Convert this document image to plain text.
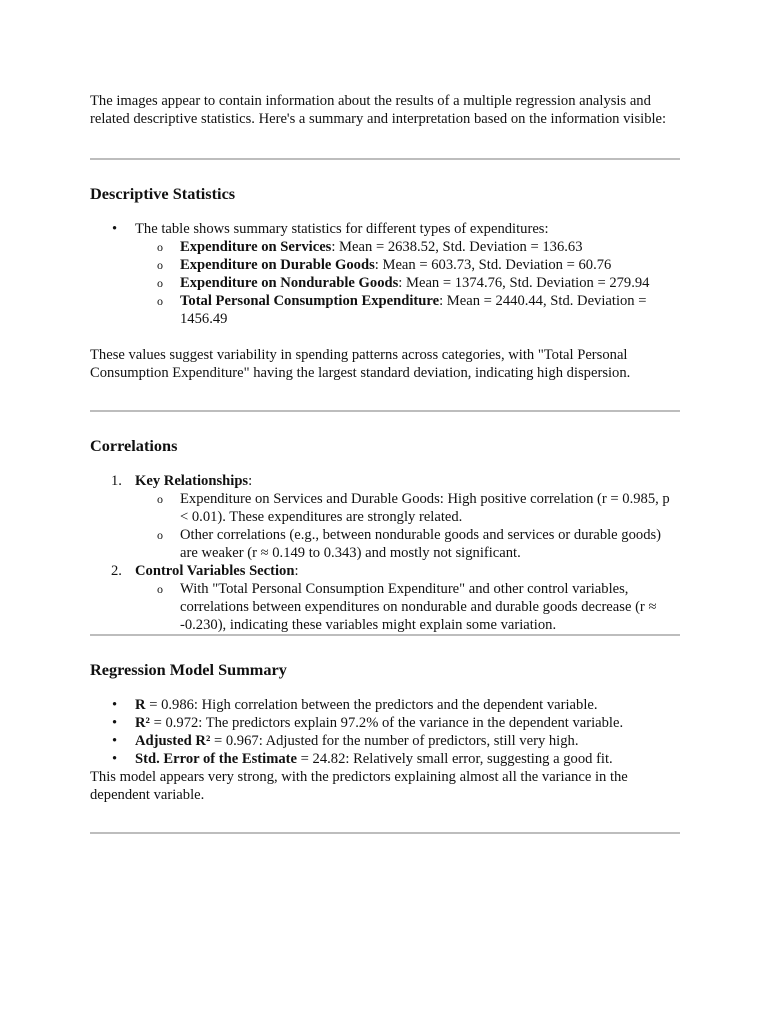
The images appear to contain information about the results of a multiple regression analysis and related descriptive statistics. Here's a summary and interpretation based on the information visible:

Descriptive Statistics
• The table shows summary statistics for different types of expenditures:
o Expenditure on Services: Mean = 2638.52, Std. Deviation = 136.63
o Expenditure on Durable Goods: Mean = 603.73, Std. Deviation = 60.76
o Expenditure on Nondurable Goods: Mean = 1374.76, Std. Deviation = 279.94
o Total Personal Consumption Expenditure: Mean = 2440.44, Std. Deviation = 1456.49

These values suggest variability in spending patterns across categories, with "Total Personal Consumption Expenditure" having the largest standard deviation, indicating high dispersion.

Correlations
1. Key Relationships:
o Expenditure on Services and Durable Goods: High positive correlation (r = 0.985, p < 0.01). These expenditures are strongly related.
o Other correlations (e.g., between nondurable goods and services or durable goods) are weaker (r ≈ 0.149 to 0.343) and mostly not significant.
2. Control Variables Section:
o With "Total Personal Consumption Expenditure" and other control variables, correlations between expenditures on nondurable and durable goods decrease (r ≈ -0.230), indicating these variables might explain some variation.
Regression Model Summary
• R = 0.986: High correlation between the predictors and the dependent variable.
• R² = 0.972: The predictors explain 97.2% of the variance in the dependent variable.
• Adjusted R² = 0.967: Adjusted for the number of predictors, still very high.
• Std. Error of the Estimate = 24.82: Relatively small error, suggesting a good fit.

This model appears very strong, with the predictors explaining almost all the variance in the dependent variable.
